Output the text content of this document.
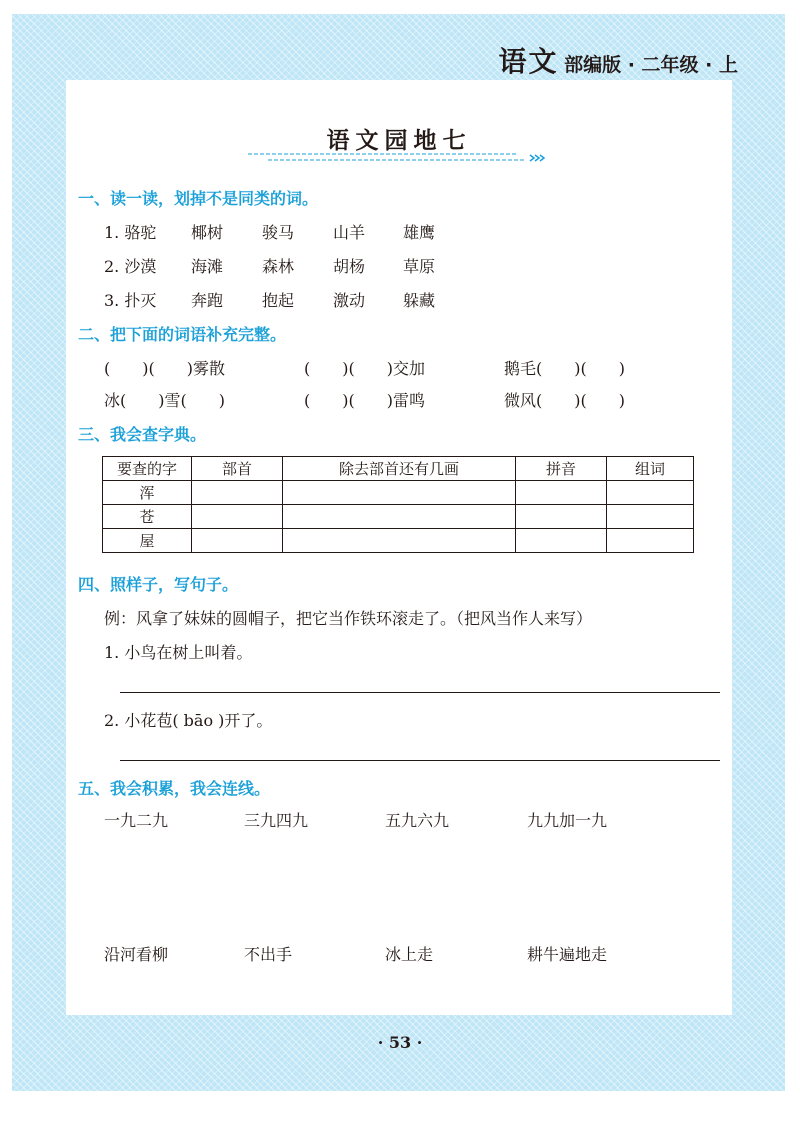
语文 部编版 · 二年级 · 上
语文园地七
一、读一读，划掉不是同类的词。
1. 骆驼 椰树 骏马 山羊 雄鹰
2. 沙漠 海滩 森林 胡杨 草原
3. 扑灭 奔跑 抱起 激动 躲藏
二、把下面的词语补充完整。
(　　)(　　)雾散	(　　)(　　)交加	鹅毛(　　)(　　)
冰(　　)雪(　　)	(　　)(　　)雷鸣	微风(　　)(　　)
三、我会查字典。
要查的字	部首	除去部首还有几画	拼音	组词
浑				
苍				
屋				
四、照样子，写句子。
例：风拿了妹妹的圆帽子，把它当作铁环滚走了。（把风当作人来写）
1. 小鸟在树上叫着。
2. 小花苞( bāo )开了。
五、我会积累，我会连线。
一九二九	三九四九	五九六九	九九加一九
沿河看柳	不出手	冰上走	耕牛遍地走
· 53 ·
